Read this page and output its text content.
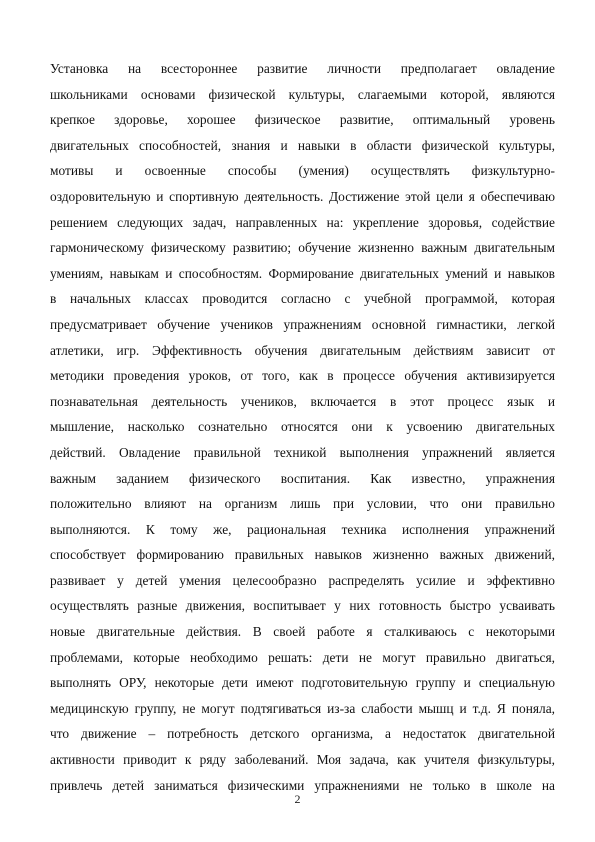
Установка на всестороннее развитие личности предполагает овладение
школьниками основами физической культуры, слагаемыми которой, являются
крепкое здоровье, хорошее физическое развитие, оптимальный уровень
двигательных способностей, знания и навыки в области физической культуры,
мотивы и освоенные способы (умения) осуществлять физкультурно-
оздоровительную и спортивную деятельность. Достижение этой цели я обеспечиваю
решением следующих задач, направленных на: укрепление здоровья, содействие
гармоническому физическому развитию; обучение жизненно важным двигательным
умениям, навыкам и способностям. Формирование двигательных умений и навыков
в начальных классах проводится согласно с учебной программой, которая
предусматривает обучение учеников упражнениям основной гимнастики, легкой
атлетики, игр. Эффективность обучения двигательным действиям зависит от
методики проведения уроков, от того, как в процессе обучения активизируется
познавательная деятельность учеников, включается в этот процесс язык и
мышление, насколько сознательно относятся они к усвоению двигательных
действий. Овладение правильной техникой выполнения упражнений является
важным заданием физического воспитания. Как известно, упражнения
положительно влияют на организм лишь при условии, что они правильно
выполняются. К тому же, рациональная техника исполнения упражнений
способствует формированию правильных навыков жизненно важных движений,
развивает у детей умения целесообразно распределять усилие и эффективно
осуществлять разные движения, воспитывает у них готовность быстро усваивать
новые двигательные действия. В своей работе я сталкиваюсь с некоторыми
проблемами, которые необходимо решать: дети не могут правильно двигаться,
выполнять ОРУ, некоторые дети имеют подготовительную группу и специальную
медицинскую группу, не могут подтягиваться из-за слабости мышц и т.д. Я поняла,
что движение – потребность детского организма, а недостаток двигательной
активности приводит к ряду заболеваний. Моя задача, как учителя физкультуры,
привлечь детей заниматься физическими упражнениями не только в школе на
2
